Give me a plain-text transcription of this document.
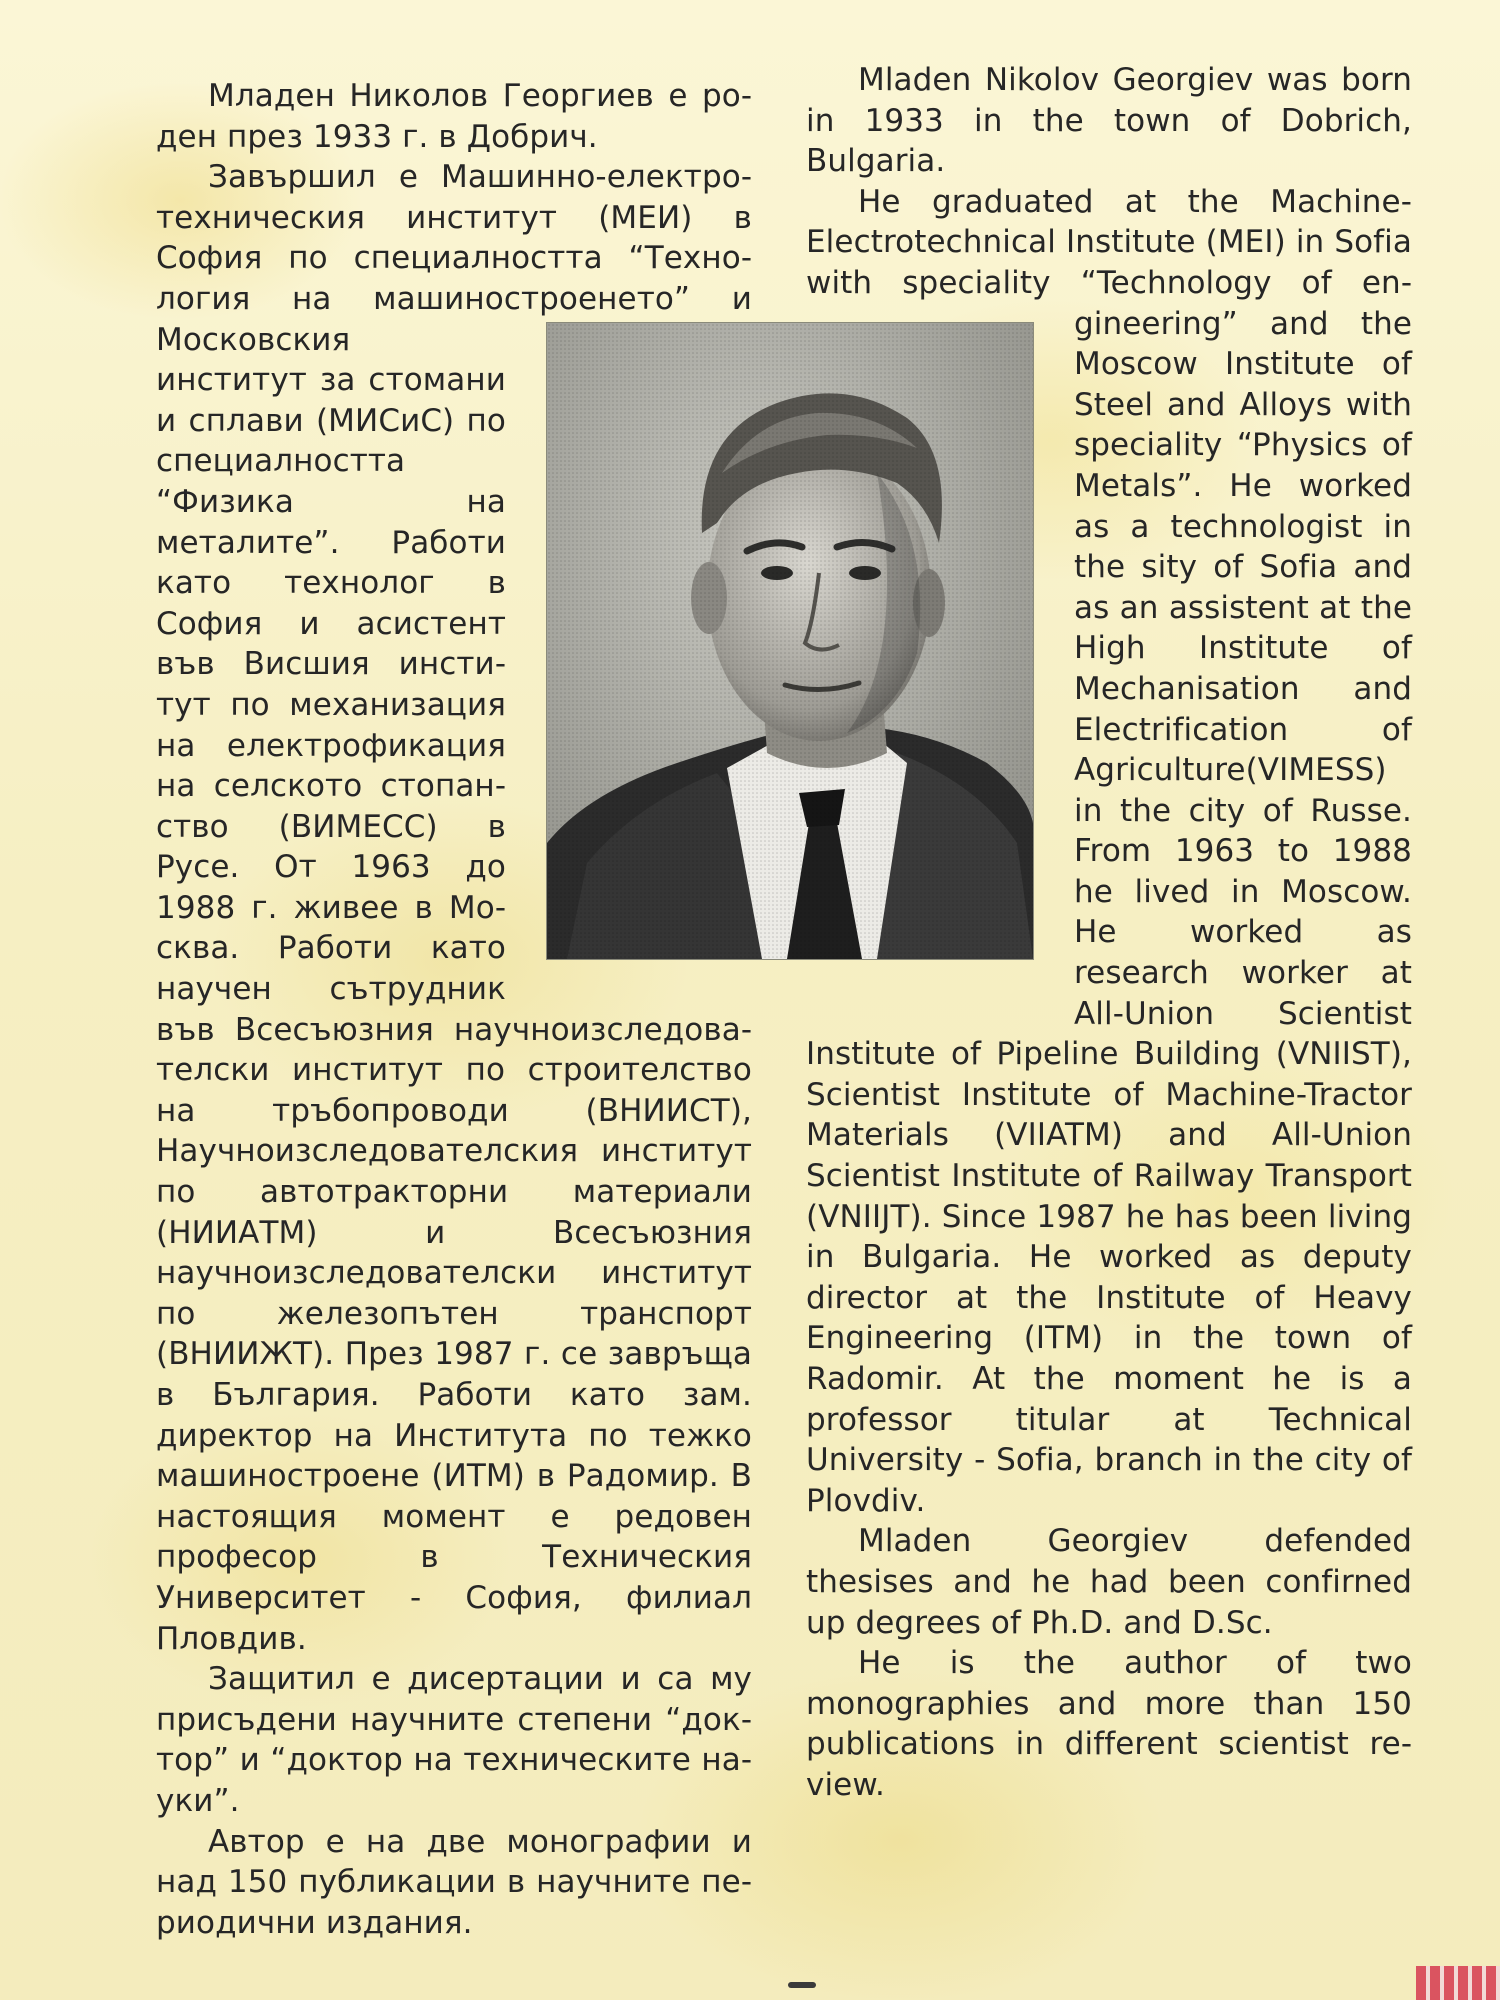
Младен Николов Георгиев е роден през 1933 г. в Добрич.

Завършил е Машинно-електротехническия институт (МЕИ) в София по специалността “Технология на машиностроенето” и Московския институт за стомани и сплави (МИСиС) по специалността “Физика на металите”. Работи като технолог в София и асистент във Висшия институт по механизация на електрофикация на селското стопанство (ВИМЕСС) в Русе. От 1963 до 1988 г. живее в Москва. Работи като научен сътрудник във Всесъюзния научноизследователски институт по строителство на тръбопроводи (ВНИИСТ), Научноизследователския институт по автотракторни материали (НИИАТМ) и Всесъюзния научноизследователски институт по железопътен транспорт (ВНИИЖТ). През 1987 г. се завръща в България. Работи като зам. директор на Института по тежко машиностроене (ИТМ) в Радомир. В настоящия момент е редовен професор в Техническия Университет - София, филиал Пловдив.

Защитил е дисертации и са му присъдени научните степени “доктор” и “доктор на техническите науки”.

Автор е на две монографии и над 150 публикации в научните периодични издания.

Mladen Nikolov Georgiev was born in 1933 in the town of Dobrich, Bulgaria.

He graduated at the Machine-Electrotechnical Institute (MEI) in Sofia with speciality “Technology of engineering” and the Moscow Institute of Steel and Alloys with speciality “Physics of Metals”. He worked as a technologist in the sity of Sofia and as an assistent at the High Institute of Mechanisation and Electrification of Agriculture(VIMESS) in the city of Russe. From 1963 to 1988 he lived in Moscow. He worked as research worker at All-Union Scientist Institute of Pipeline Building (VNIIST), Scientist Institute of Machine-Tractor Materials (VIIATM) and All-Union Scientist Institute of Railway Transport (VNIIJT). Since 1987 he has been living in Bulgaria. He worked as deputy director at the Institute of Heavy Engineering (ITM) in the town of Radomir. At the moment he is a professor titular at Technical University - Sofia, branch in the city of Plovdiv.

Mladen Georgiev defended thesises and he had been confirned up degrees of Ph.D. and D.Sc.

He is the author of two monographies and more than 150 publications in different scientist review.
